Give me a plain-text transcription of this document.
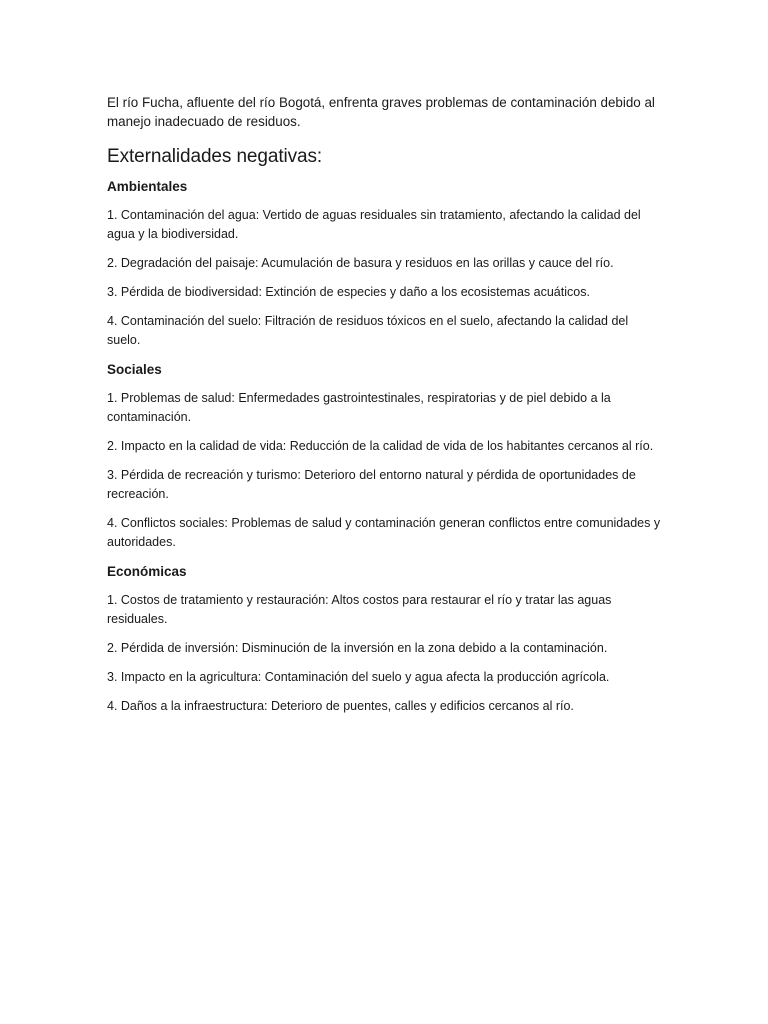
El río Fucha, afluente del río Bogotá, enfrenta graves problemas de contaminación debido al manejo inadecuado de residuos.

Externalidades negativas:
Ambientales

1. Contaminación del agua: Vertido de aguas residuales sin tratamiento, afectando la calidad del agua y la biodiversidad.

2. Degradación del paisaje: Acumulación de basura y residuos en las orillas y cauce del río.

3. Pérdida de biodiversidad: Extinción de especies y daño a los ecosistemas acuáticos.

4. Contaminación del suelo: Filtración de residuos tóxicos en el suelo, afectando la calidad del suelo.

Sociales

1. Problemas de salud: Enfermedades gastrointestinales, respiratorias y de piel debido a la contaminación.

2. Impacto en la calidad de vida: Reducción de la calidad de vida de los habitantes cercanos al río.

3. Pérdida de recreación y turismo: Deterioro del entorno natural y pérdida de oportunidades de recreación.

4. Conflictos sociales: Problemas de salud y contaminación generan conflictos entre comunidades y autoridades.

Económicas

1. Costos de tratamiento y restauración: Altos costos para restaurar el río y tratar las aguas residuales.

2. Pérdida de inversión: Disminución de la inversión en la zona debido a la contaminación.

3. Impacto en la agricultura: Contaminación del suelo y agua afecta la producción agrícola.

4. Daños a la infraestructura: Deterioro de puentes, calles y edificios cercanos al río.
